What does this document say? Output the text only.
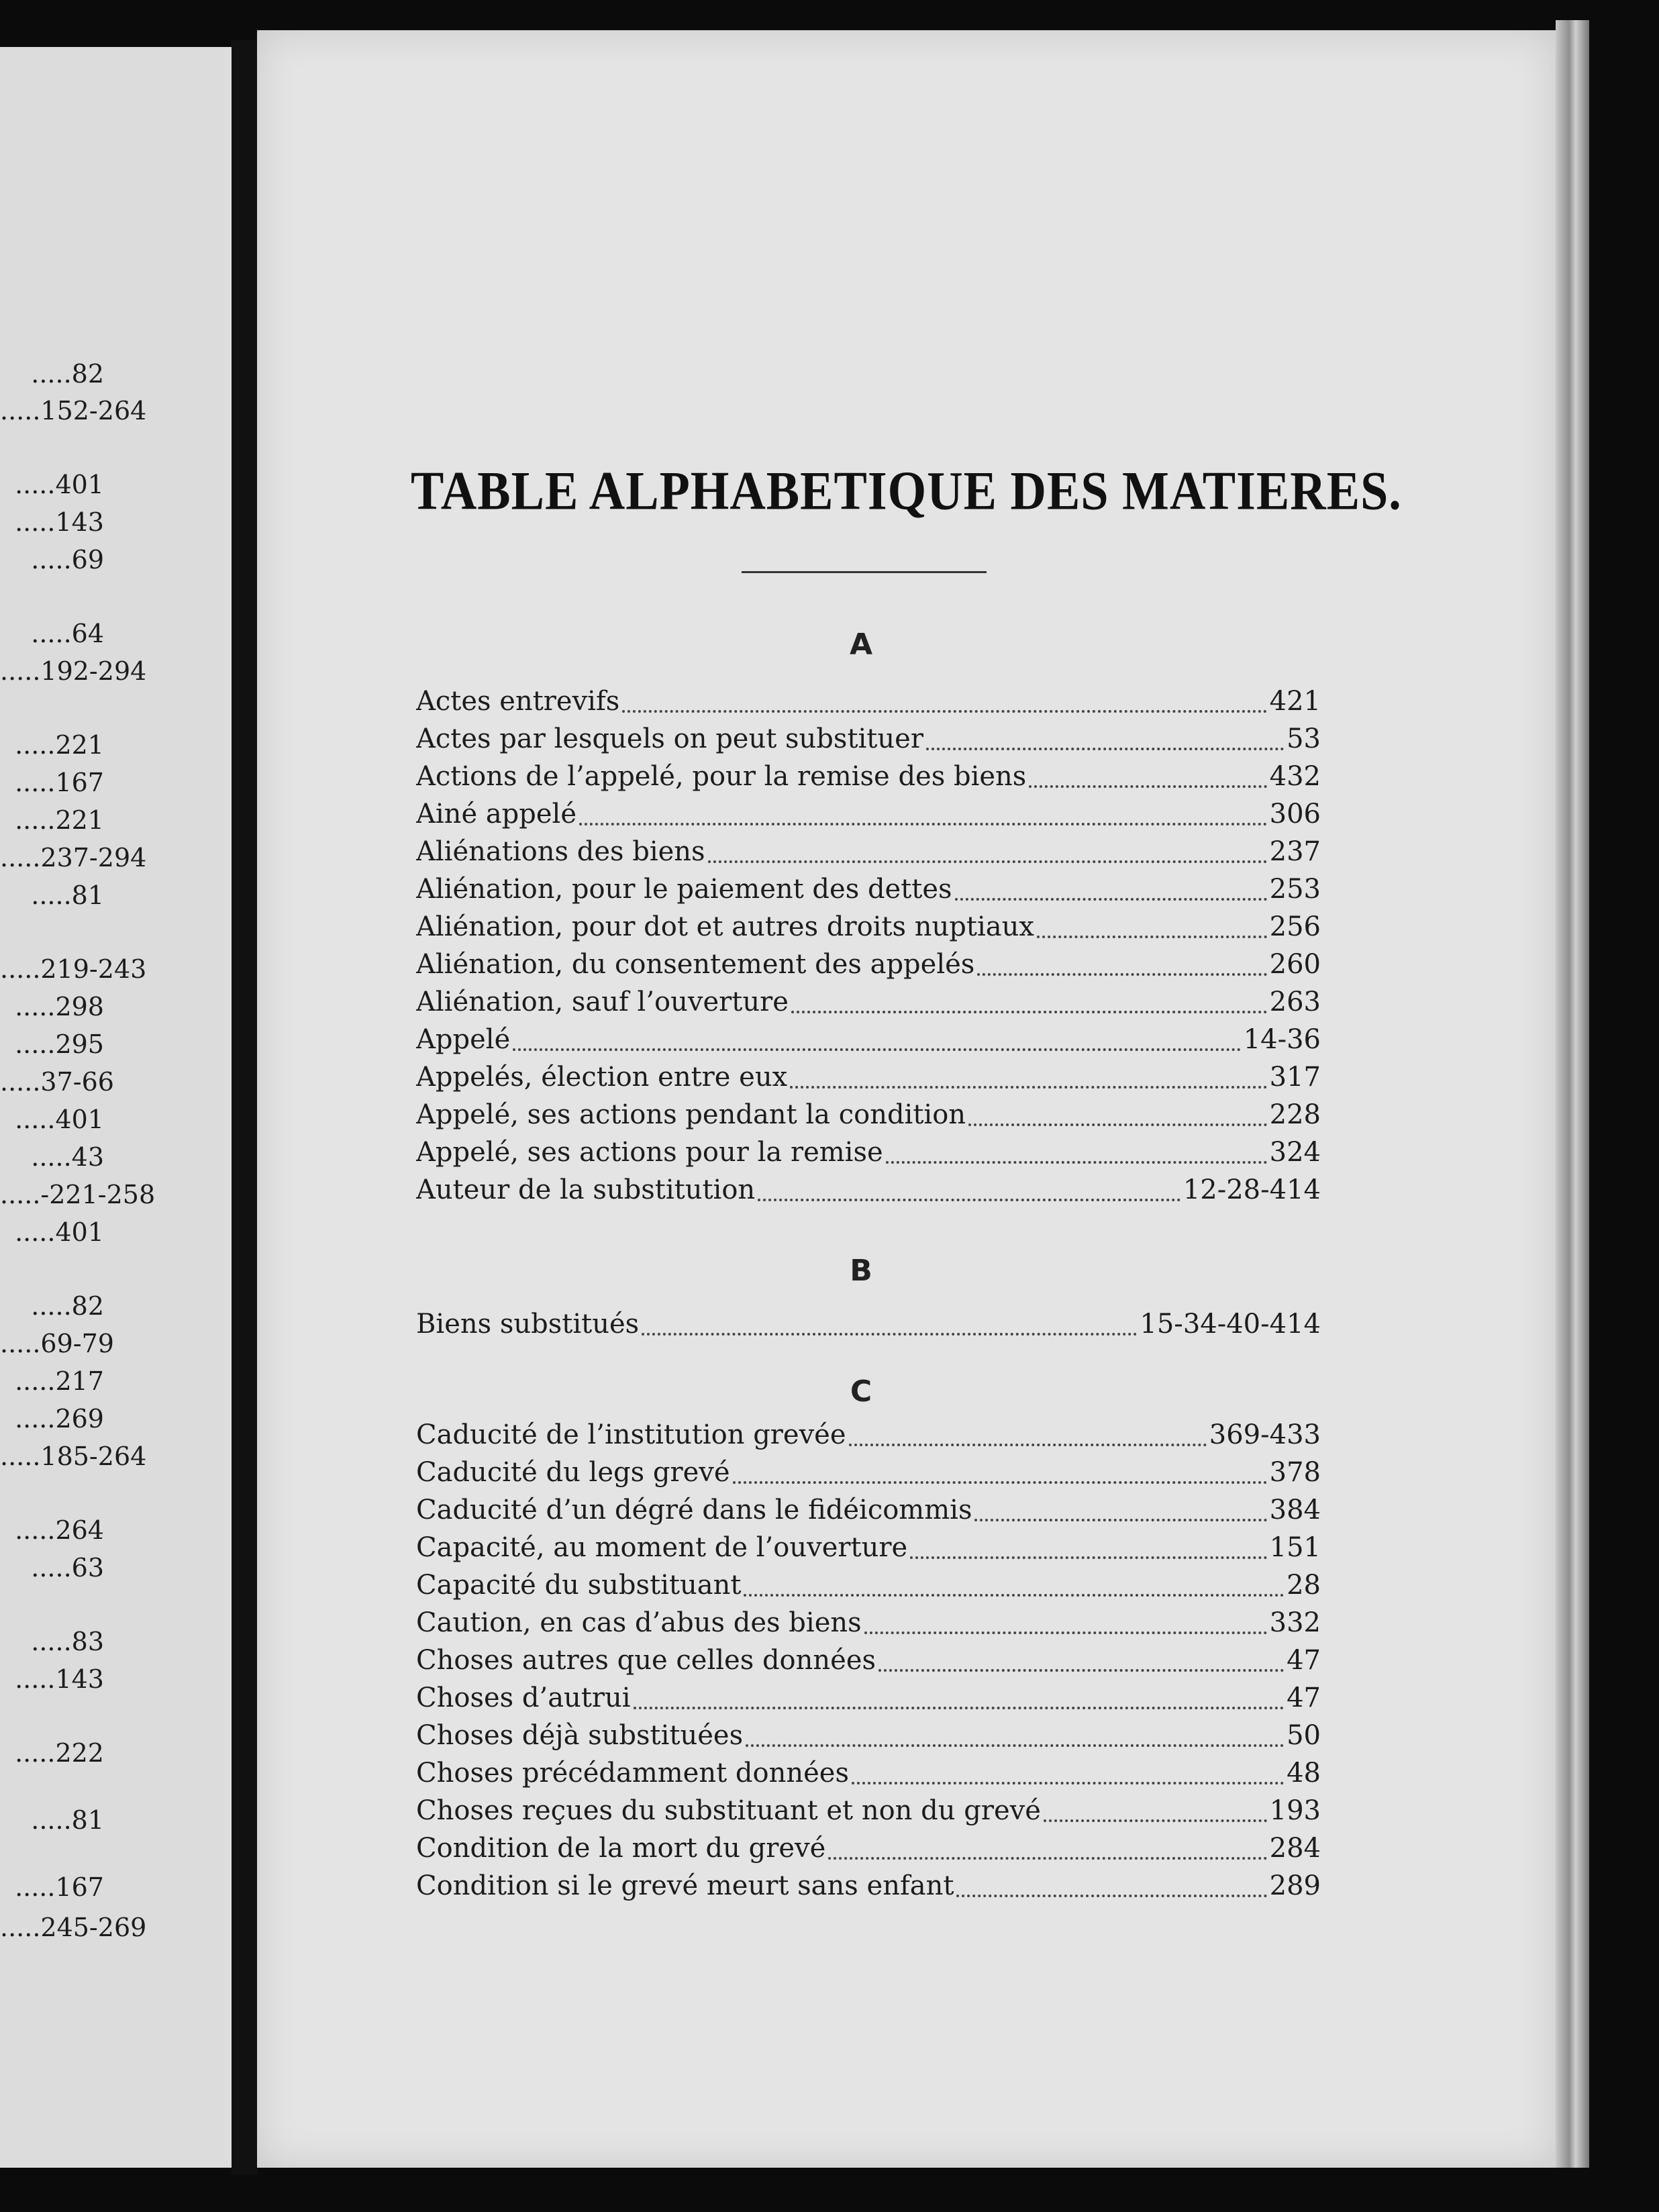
.....82
.....152-264
.....401
.....143
.....69
.....64
.....192-294
.....221
.....167
.....221
.....237-294
.....81
.....219-243
.....298
.....295
.....37-66
.....401
.....43
.....-221-258
.....401
.....82
.....69-79
.....217
.....269
.....185-264
.....264
.....63
.....83
.....143
.....222
.....81
.....167
.....245-269
TABLE ALPHABETIQUE DES MATIERES.
A
Actes entrevifs	421
Actes par lesquels on peut substituer	53
Actions de l’appelé, pour la remise des biens	432
Ainé appelé	306
Aliénations des biens	237
Aliénation, pour le paiement des dettes	253
Aliénation, pour dot et autres droits nuptiaux	256
Aliénation, du consentement des appelés	260
Aliénation, sauf l’ouverture	263
Appelé	14-36
Appelés, élection entre eux	317
Appelé, ses actions pendant la condition	228
Appelé, ses actions pour la remise	324
Auteur de la substitution	12-28-414
B
Biens substitués	15-34-40-414
C
Caducité de l’institution grevée	369-433
Caducité du legs grevé	378
Caducité d’un dégré dans le fidéicommis	384
Capacité, au moment de l’ouverture	151
Capacité du substituant	28
Caution, en cas d’abus des biens	332
Choses autres que celles données	47
Choses d’autrui	47
Choses déjà substituées	50
Choses précédamment données	48
Choses reçues du substituant et non du grevé	193
Condition de la mort du grevé	284
Condition si le grevé meurt sans enfant	289
